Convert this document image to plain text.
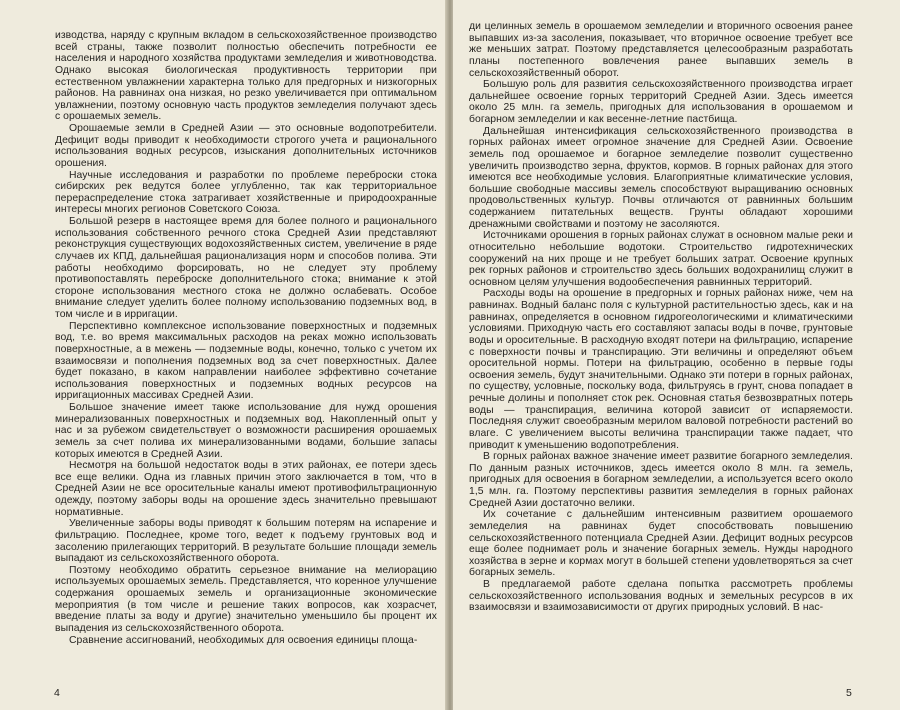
изводства, наряду с крупным вкладом в сельскохозяйственное производство всей страны, также позволит полностью обеспечить потребности ее населения и народного хозяйства продуктами земледелия и животноводства. Однако высокая биологическая продуктивность территории при естественном увлажнении характерна только для предгорных и низкогорных районов. На равнинах она низкая, но резко увеличивается при оптимальном увлажнении, поэтому основную часть продуктов земледелия получают здесь с орошаемых земель.

Орошаемые земли в Средней Азии — это основные водопотребители. Дефицит воды приводит к необходимости строгого учета и рационального использования водных ресурсов, изыскания дополнительных источников орошения.

Научные исследования и разработки по проблеме переброски стока сибирских рек ведутся более углубленно, так как территориальное перераспределение стока затрагивает хозяйственные и природоохранные интересы многих регионов Советского Союза.

Большой резерв в настоящее время для более полного и рационального использования собственного речного стока Средней Азии представляют реконструкция существующих водохозяйственных систем, увеличение в ряде случаев их КПД, дальнейшая рационализация норм и способов полива. Эти работы необходимо форсировать, но не следует эту проблему противопоставлять переброске дополнительного стока; внимание к этой стороне использования местного стока не должно ослабевать. Особое внимание следует уделить более полному использованию подземных вод, в том числе и в ирригации.

Перспективно комплексное использование поверхностных и подземных вод, т.е. во время максимальных расходов на реках можно использовать поверхностные, а в межень — подземные воды, конечно, только с учетом их взаимосвязи и пополнения подземных вод за счет поверхностных. Далее будет показано, в каком направлении наиболее эффективно сочетание использования поверхностных и подземных водных ресурсов на ирригационных массивах Средней Азии.

Большое значение имеет также использование для нужд орошения минерализованных поверхностных и подземных вод. Накопленный опыт у нас и за рубежом свидетельствует о возможности расширения орошаемых земель за счет полива их минерализованными водами, большие запасы которых имеются в Средней Азии.

Несмотря на большой недостаток воды в этих районах, ее потери здесь все еще велики. Одна из главных причин этого заключается в том, что в Средней Азии не все оросительные каналы имеют противофильтрационную одежду, поэтому заборы воды на орошение здесь значительно превышают нормативные.

Увеличенные заборы воды приводят к большим потерям на испарение и фильтрацию. Последнее, кроме того, ведет к подъему грунтовых вод и засолению прилегающих территорий. В результате большие площади земель выпадают из сельскохозяйственного оборота.

Поэтому необходимо обратить серьезное внимание на мелиорацию используемых орошаемых земель. Представляется, что коренное улучшение содержания орошаемых земель и организационные экономические мероприятия (в том числе и решение таких вопросов, как хозрасчет, введение платы за воду и другие) значительно уменьшило бы процент их выпадения из сельскохозяйственного оборота.

Сравнение ассигнований, необходимых для освоения единицы площа-

4

ди целинных земель в орошаемом земледелии и вторичного освоения ранее выпавших из-за засоления, показывает, что вторичное освоение требует все же меньших затрат. Поэтому представляется целесообразным разработать планы постепенного вовлечения ранее выпавших земель в сельскохозяйственный оборот.

Большую роль для развития сельскохозяйственного производства играет дальнейшее освоение горных территорий Средней Азии. Здесь имеется около 25 млн. га земель, пригодных для использования в орошаемом и богарном земледелии и как весенне-летние пастбища.

Дальнейшая интенсификация сельскохозяйственного производства в горных районах имеет огромное значение для Средней Азии. Освоение земель под орошаемое и богарное земледелие позволит существенно увеличить производство зерна, фруктов, кормов. В горных районах для этого имеются все необходимые условия. Благоприятные климатические условия, большие свободные массивы земель способствуют выращиванию основных продовольственных культур. Почвы отличаются от равнинных большим содержанием питательных веществ. Грунты обладают хорошими дренажными свойствами и поэтому не засоляются.

Источниками орошения в горных районах служат в основном малые реки и относительно небольшие водотоки. Строительство гидротехнических сооружений на них проще и не требует больших затрат. Освоение крупных рек горных районов и строительство здесь больших водохранилищ служит в основном целям улучшения водообеспечения равнинных территорий.

Расходы воды на орошение в предгорных и горных районах ниже, чем на равнинах. Водный баланс поля с культурной растительностью здесь, как и на равнинах, определяется в основном гидрогеологическими и климатическими условиями. Приходную часть его составляют запасы воды в почве, грунтовые воды и оросительные. В расходную входят потери на фильтрацию, испарение с поверхности почвы и транспирацию. Эти величины и определяют объем оросительной нормы. Потери на фильтрацию, особенно в первые годы освоения земель, будут значительными. Однако эти потери в горных районах, по существу, условные, поскольку вода, фильтруясь в грунт, снова попадает в речные долины и пополняет сток рек. Основная статья безвозвратных потерь воды — транспирация, величина которой зависит от испаряемости. Последняя служит своеобразным мерилом валовой потребности растений во влаге. С увеличением высоты величина транспирации также падает, что приводит к уменьшению водопотребления.

В горных районах важное значение имеет развитие богарного земледелия. По данным разных источников, здесь имеется около 8 млн. га земель, пригодных для освоения в богарном земледелии, а используется всего около 1,5 млн. га. Поэтому перспективы развития земледелия в горных районах Средней Азии достаточно велики.

Их сочетание с дальнейшим интенсивным развитием орошаемого земледелия на равнинах будет способствовать повышению сельскохозяйственного потенциала Средней Азии. Дефицит водных ресурсов еще более поднимает роль и значение богарных земель. Нужды народного хозяйства в зерне и кормах могут в большей степени удовлетворяться за счет богарных земель.

В предлагаемой работе сделана попытка рассмотреть проблемы сельскохозяйственного использования водных и земельных ресурсов в их взаимосвязи и взаимозависимости от других природных условий. В нас-

5
